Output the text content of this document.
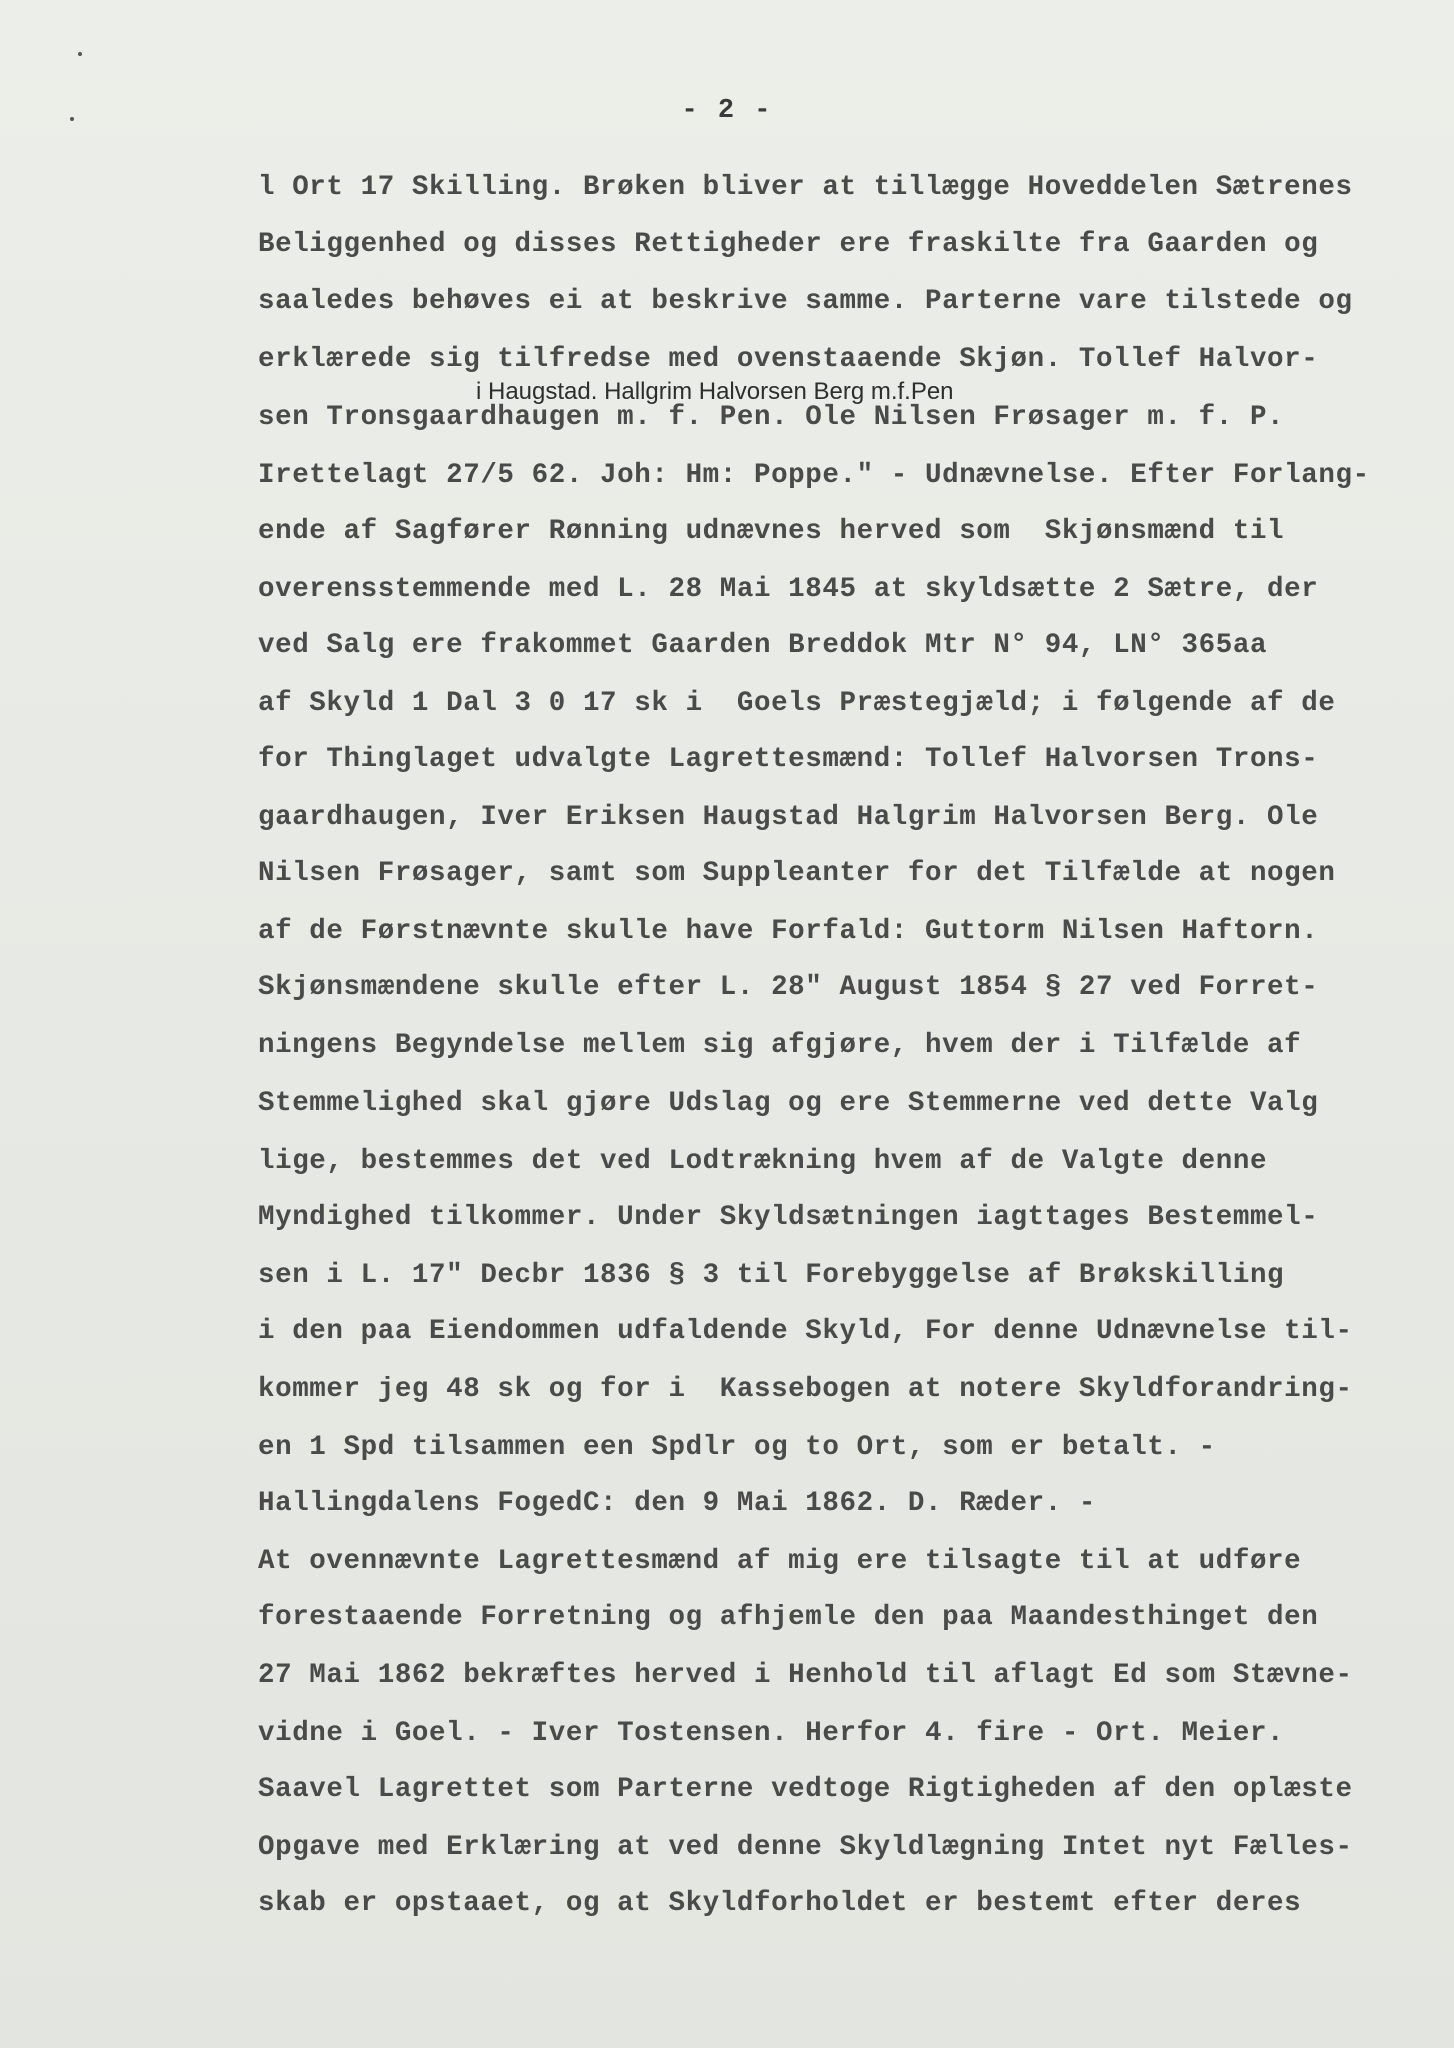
- 2 -
i Haugstad. Hallgrim Halvorsen Berg m.f.Pen
l Ort 17 Skilling. Brøken bliver at tillægge Hoveddelen Sætrenes
Beliggenhed og disses Rettigheder ere fraskilte fra Gaarden og
saaledes behøves ei at beskrive samme. Parterne vare tilstede og
erklærede sig tilfredse med ovenstaaende Skjøn. Tollef Halvor-
sen Tronsgaardhaugen m. f. Pen. Ole Nilsen Frøsager m. f. P.
Irettelagt 27/5 62. Joh: Hm: Poppe." - Udnævnelse. Efter Forlang-
ende af Sagfører Rønning udnævnes herved som  Skjønsmænd til
overensstemmende med L. 28 Mai 1845 at skyldsætte 2 Sætre, der
ved Salg ere frakommet Gaarden Breddok Mtr N° 94, LN° 365aa
af Skyld 1 Dal 3 0 17 sk i  Goels Præstegjæld; i følgende af de
for Thinglaget udvalgte Lagrettesmænd: Tollef Halvorsen Trons-
gaardhaugen, Iver Eriksen Haugstad Halgrim Halvorsen Berg. Ole
Nilsen Frøsager, samt som Suppleanter for det Tilfælde at nogen
af de Førstnævnte skulle have Forfald: Guttorm Nilsen Haftorn.
Skjønsmændene skulle efter L. 28" August 1854 § 27 ved Forret-
ningens Begyndelse mellem sig afgjøre, hvem der i Tilfælde af
Stemmelighed skal gjøre Udslag og ere Stemmerne ved dette Valg
lige, bestemmes det ved Lodtrækning hvem af de Valgte denne
Myndighed tilkommer. Under Skyldsætningen iagttages Bestemmel-
sen i L. 17" Decbr 1836 § 3 til Forebyggelse af Brøkskilling
i den paa Eiendommen udfaldende Skyld, For denne Udnævnelse til-
kommer jeg 48 sk og for i  Kassebogen at notere Skyldforandring-
en 1 Spd tilsammen een Spdlr og to Ort, som er betalt. -
Hallingdalens FogedC: den 9 Mai 1862. D. Ræder. -
At ovennævnte Lagrettesmænd af mig ere tilsagte til at udføre
forestaaende Forretning og afhjemle den paa Maandesthinget den
27 Mai 1862 bekræftes herved i Henhold til aflagt Ed som Stævne-
vidne i Goel. - Iver Tostensen. Herfor 4. fire - Ort. Meier.
Saavel Lagrettet som Parterne vedtoge Rigtigheden af den oplæste
Opgave med Erklæring at ved denne Skyldlægning Intet nyt Fælles-
skab er opstaaet, og at Skyldforholdet er bestemt efter deres
